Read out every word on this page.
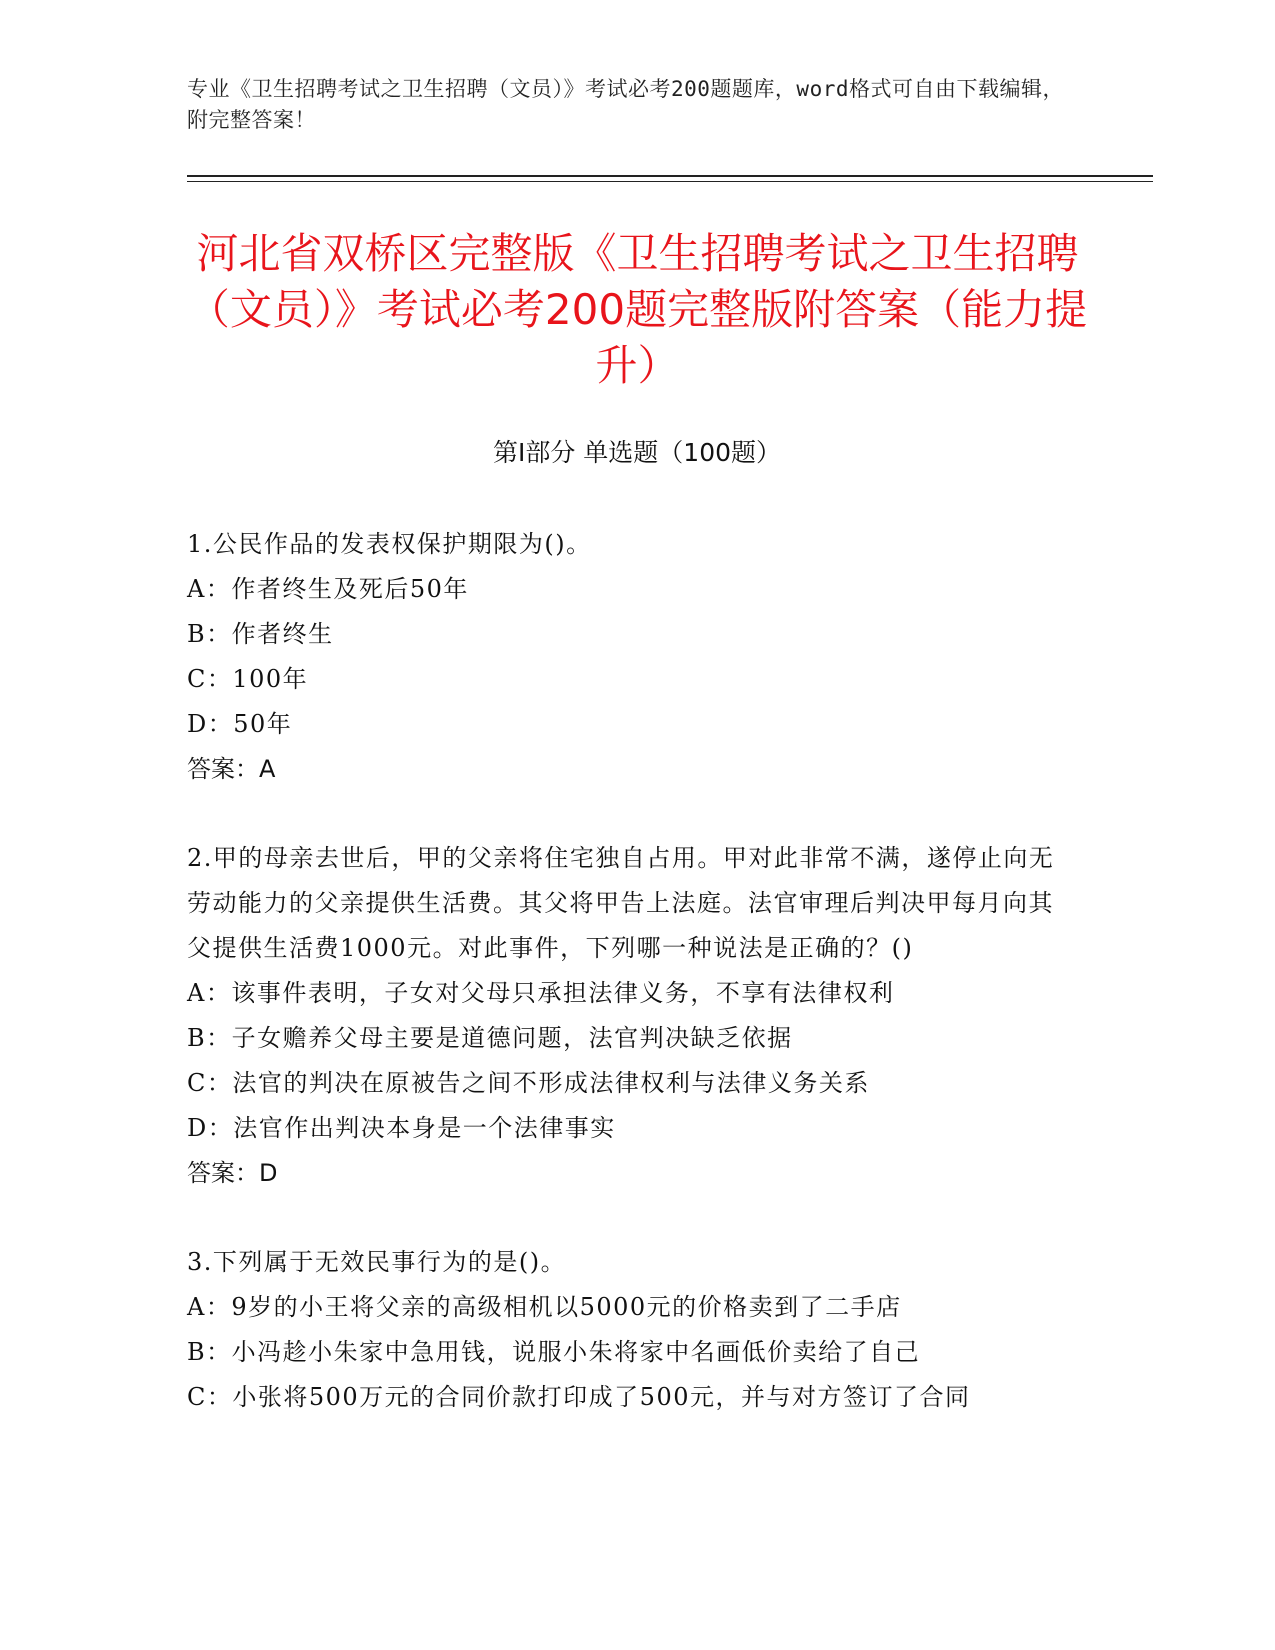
专业《卫生招聘考试之卫生招聘（文员）》考试必考200题题库，word格式可自由下载编辑，附完整答案！
河北省双桥区完整版《卫生招聘考试之卫生招聘（文员）》考试必考200题完整版附答案（能力提升）
第Ⅰ部分 单选题（100题）
1.公民作品的发表权保护期限为()。
A：作者终生及死后50年
B：作者终生
C：100年
D：50年
答案：A
2.甲的母亲去世后，甲的父亲将住宅独自占用。甲对此非常不满，遂停止向无劳动能力的父亲提供生活费。其父将甲告上法庭。法官审理后判决甲每月向其父提供生活费1000元。对此事件，下列哪一种说法是正确的？()
A：该事件表明，子女对父母只承担法律义务，不享有法律权利
B：子女赡养父母主要是道德问题，法官判决缺乏依据
C：法官的判决在原被告之间不形成法律权利与法律义务关系
D：法官作出判决本身是一个法律事实
答案：D
3.下列属于无效民事行为的是()。
A：9岁的小王将父亲的高级相机以5000元的价格卖到了二手店
B：小冯趁小朱家中急用钱，说服小朱将家中名画低价卖给了自己
C：小张将500万元的合同价款打印成了500元，并与对方签订了合同
